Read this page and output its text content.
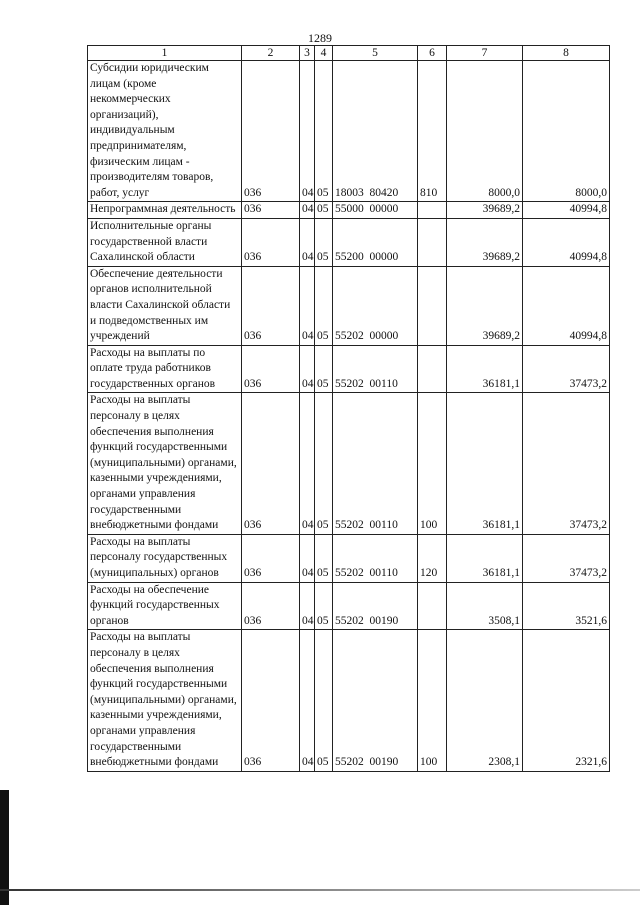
1289
1	2	3	4	5	6	7	8
Субсидии юридическим лицам (кроме некоммерческих организаций), индивидуальным предпринимателям, физическим лицам - производителям товаров, работ, услуг	036	04	05	18003  80420	810	8000,0	8000,0
Непрограммная деятельность	036	04	05	55000  00000		39689,2	40994,8
Исполнительные органы государственной власти Сахалинской области	036	04	05	55200  00000		39689,2	40994,8
Обеспечение деятельности органов исполнительной власти Сахалинской области и подведомственных им учреждений	036	04	05	55202  00000		39689,2	40994,8
Расходы на выплаты по оплате труда работников государственных органов	036	04	05	55202  00110		36181,1	37473,2
Расходы на выплаты персоналу в целях обеспечения выполнения функций государственными (муниципальными) органами, казенными учреждениями, органами управления государственными внебюджетными фондами	036	04	05	55202  00110	100	36181,1	37473,2
Расходы на выплаты персоналу государственных (муниципальных) органов	036	04	05	55202  00110	120	36181,1	37473,2
Расходы на обеспечение функций государственных органов	036	04	05	55202  00190		3508,1	3521,6
Расходы на выплаты персоналу в целях обеспечения выполнения функций государственными (муниципальными) органами, казенными учреждениями, органами управления государственными внебюджетными фондами	036	04	05	55202  00190	100	2308,1	2321,6
